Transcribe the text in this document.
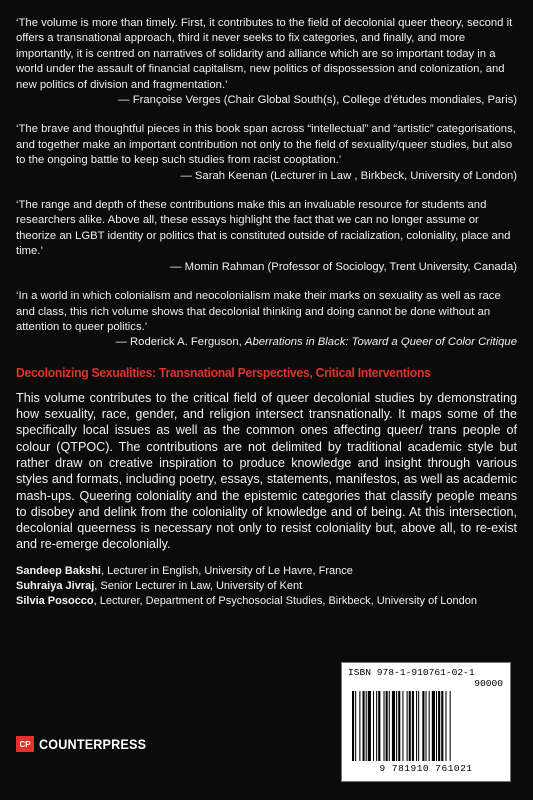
‘The volume is more than timely. First, it contributes to the field of decolonial queer theory, second it offers a transnational approach, third it never seeks to fix categories, and finally, and more importantly, it is centred on narratives of solidarity and alliance which are so important today in a world under the assault of financial capitalism, new politics of dispossession and colonization, and new politics of division and fragmentation.’

— Françoise Verges (Chair Global South(s), College d’études mondiales, Paris)

‘The brave and thoughtful pieces in this book span across “intellectual” and “artistic” categorisations, and together make an important contribution not only to the field of sexuality/queer studies, but also to the ongoing battle to keep such studies from racist cooptation.’

— Sarah Keenan (Lecturer in Law , Birkbeck, University of London)

‘The range and depth of these contributions make this an invaluable resource for students and researchers alike. Above all, these essays highlight the fact that we can no longer assume or theorize an LGBT identity or politics that is constituted outside of racialization, coloniality, place and time.’

— Momin Rahman (Professor of Sociology, Trent University, Canada)

‘In a world in which colonialism and neocolonialism make their marks on sexuality as well as race and class, this rich volume shows that decolonial thinking and doing cannot be done without an attention to queer politics.’

— Roderick A. Ferguson, Aberrations in Black: Toward a Queer of Color Critique

Decolonizing Sexualities: Transnational Perspectives, Critical Interventions

This volume contributes to the critical field of queer decolonial studies by demonstrating how sexuality, race, gender, and religion intersect transnationally. It maps some of the specifically local issues as well as the common ones affecting queer/ trans people of colour (QTPOC). The contributions are not delimited by traditional academic style but rather draw on creative inspiration to produce knowledge and insight through various styles and formats, including poetry, essays, statements, manifestos, as well as academic mash-ups. Queering coloniality and the epistemic categories that classify people means to disobey and delink from the coloniality of knowledge and of being. At this intersection, decolonial queerness is necessary not only to resist coloniality but, above all, to re-exist and re-emerge decolonially.

Sandeep Bakshi, Lecturer in English, University of Le Havre, France
Suhraiya Jivraj, Senior Lecturer in Law, University of Kent
Silvia Posocco, Lecturer, Department of Psychosocial Studies, Birkbeck, University of London
ISBN 978-1-910761-02-1
90000
9 781910 761021
CP COUNTERPRESS
